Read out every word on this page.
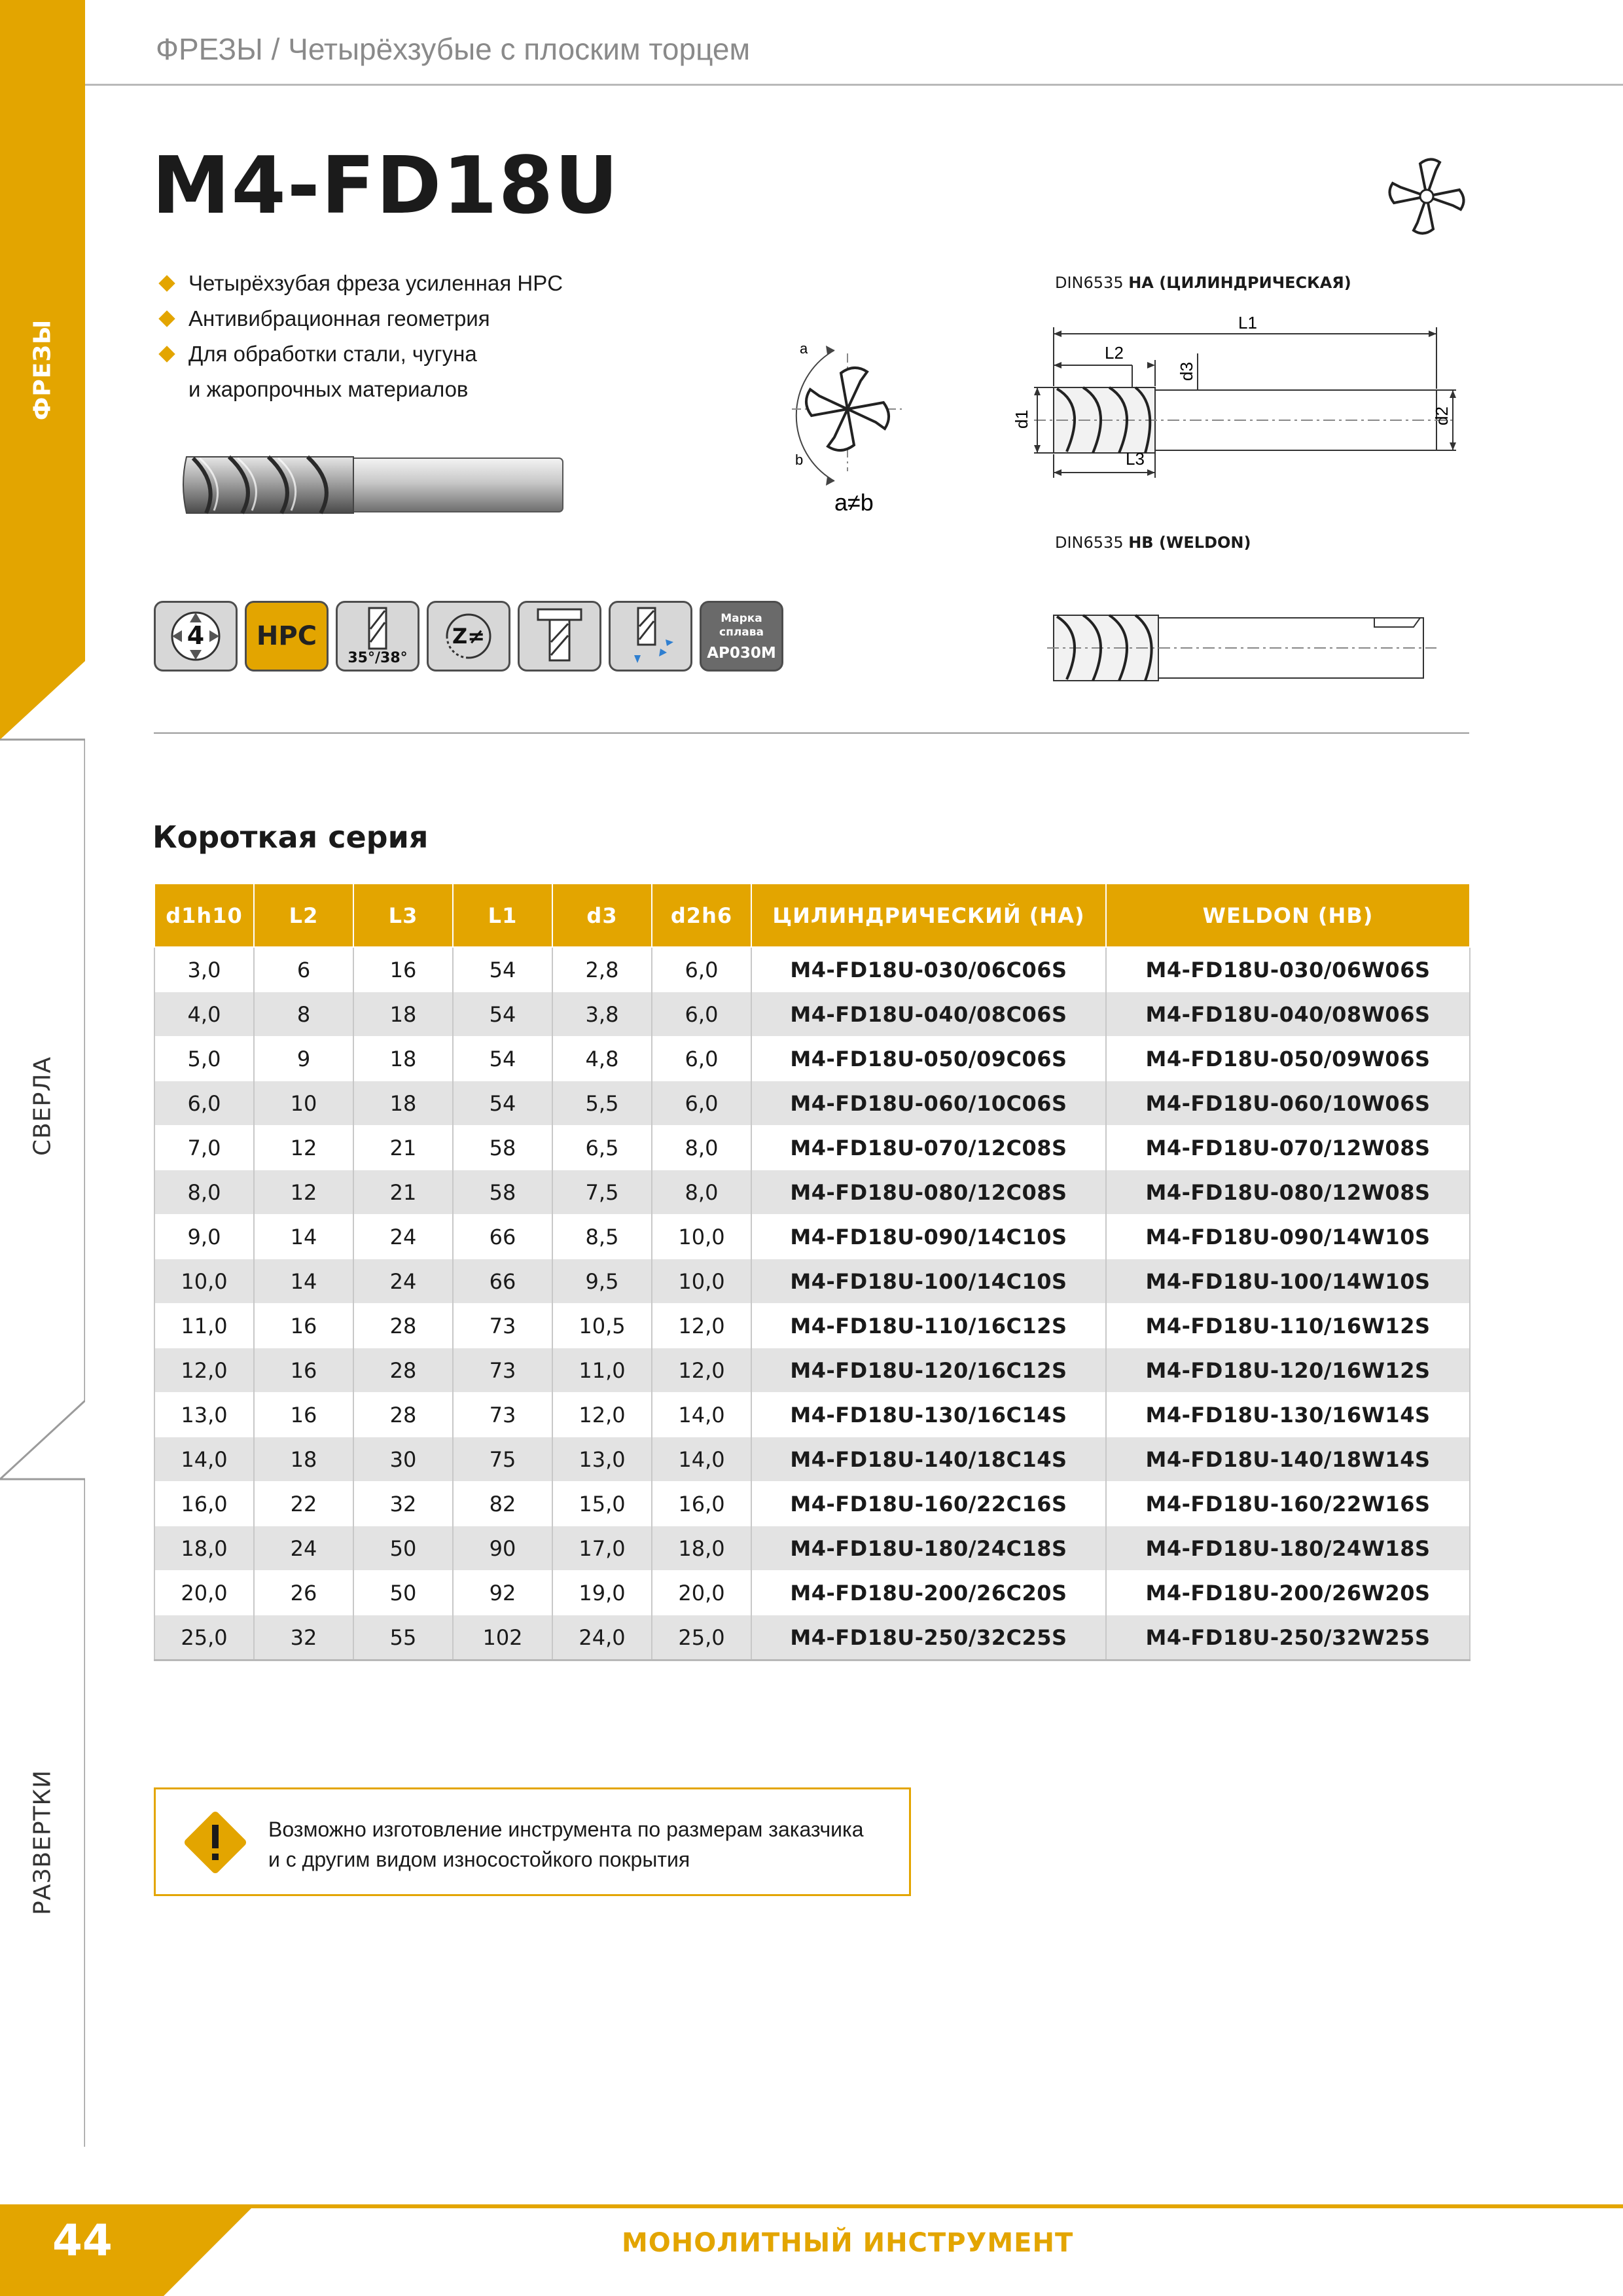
ФРЕЗЫ
СВЕРЛА
РАЗВЕРТКИ
ФРЕЗЫ / Четырёхзубые с плоским торцем
M4-FD18U
Четырёхзубая фреза усиленная HPC
Антивибрационная геометрия
Для обработки стали, чугуна
и жаропрочных материалов
a
b
a≠b
DIN6535 HA (ЦИЛИНДРИЧЕСКАЯ)
L1
L2
L3
d1	d2
d3
DIN6535 HB (WELDON)
4	HPC
35°/38°
Z≠
Марка
сплава
AP030M
Короткая серия
d1h10	L2	L3	L1	d3	d2h6	ЦИЛИНДРИЧЕСКИЙ (HA)	WELDON (HB)
3,0	6	16	54	2,8	6,0	M4-FD18U-030/06C06S	M4-FD18U-030/06W06S
4,0	8	18	54	3,8	6,0	M4-FD18U-040/08C06S	M4-FD18U-040/08W06S
5,0	9	18	54	4,8	6,0	M4-FD18U-050/09C06S	M4-FD18U-050/09W06S
6,0	10	18	54	5,5	6,0	M4-FD18U-060/10C06S	M4-FD18U-060/10W06S
7,0	12	21	58	6,5	8,0	M4-FD18U-070/12C08S	M4-FD18U-070/12W08S
8,0	12	21	58	7,5	8,0	M4-FD18U-080/12C08S	M4-FD18U-080/12W08S
9,0	14	24	66	8,5	10,0	M4-FD18U-090/14C10S	M4-FD18U-090/14W10S
10,0	14	24	66	9,5	10,0	M4-FD18U-100/14C10S	M4-FD18U-100/14W10S
11,0	16	28	73	10,5	12,0	M4-FD18U-110/16C12S	M4-FD18U-110/16W12S
12,0	16	28	73	11,0	12,0	M4-FD18U-120/16C12S	M4-FD18U-120/16W12S
13,0	16	28	73	12,0	14,0	M4-FD18U-130/16C14S	M4-FD18U-130/16W14S
14,0	18	30	75	13,0	14,0	M4-FD18U-140/18C14S	M4-FD18U-140/18W14S
16,0	22	32	82	15,0	16,0	M4-FD18U-160/22C16S	M4-FD18U-160/22W16S
18,0	24	50	90	17,0	18,0	M4-FD18U-180/24C18S	M4-FD18U-180/24W18S
20,0	26	50	92	19,0	20,0	M4-FD18U-200/26C20S	M4-FD18U-200/26W20S
25,0	32	55	102	24,0	25,0	M4-FD18U-250/32C25S	M4-FD18U-250/32W25S
Возможно изготовление инструмента по размерам заказчика
и с другим видом износостойкого покрытия
44	МОНОЛИТНЫЙ ИНСТРУМЕНТ
